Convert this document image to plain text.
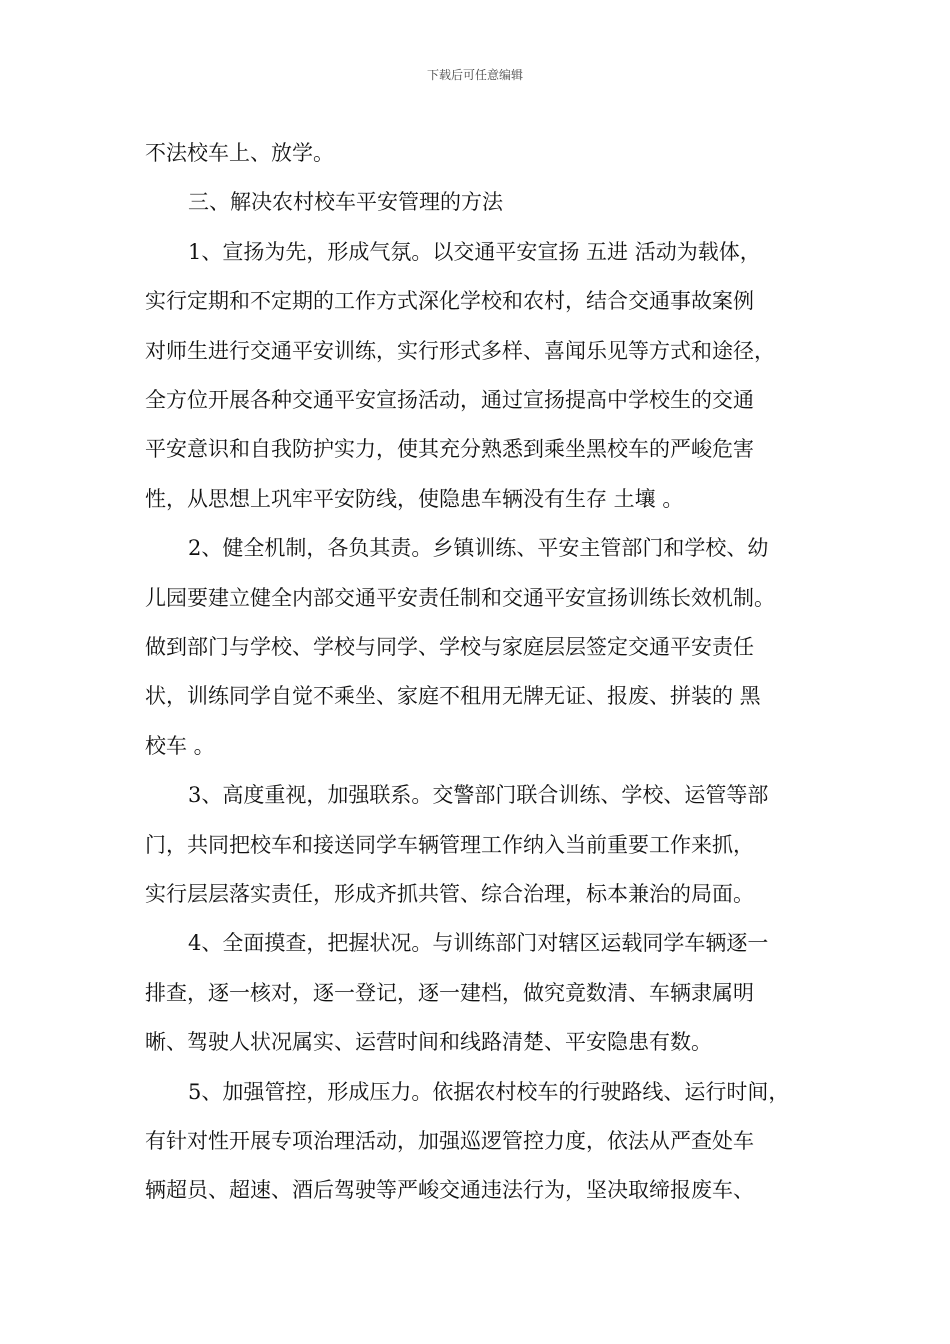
下载后可任意编辑
不法校车上、放学。
三、解决农村校车平安管理的方法
1、宣扬为先，形成气氛。以交通平安宣扬 五进 活动为载体，
实行定期和不定期的工作方式深化学校和农村，结合交通事故案例
对师生进行交通平安训练，实行形式多样、喜闻乐见等方式和途径，
全方位开展各种交通平安宣扬活动，通过宣扬提高中学校生的交通
平安意识和自我防护实力，使其充分熟悉到乘坐黑校车的严峻危害
性，从思想上巩牢平安防线，使隐患车辆没有生存 土壤 。
2、健全机制，各负其责。乡镇训练、平安主管部门和学校、幼
儿园要建立健全内部交通平安责任制和交通平安宣扬训练长效机制。
做到部门与学校、学校与同学、学校与家庭层层签定交通平安责任
状，训练同学自觉不乘坐、家庭不租用无牌无证、报废、拼装的 黑
校车 。
3、高度重视，加强联系。交警部门联合训练、学校、运管等部
门，共同把校车和接送同学车辆管理工作纳入当前重要工作来抓，
实行层层落实责任，形成齐抓共管、综合治理，标本兼治的局面。
4、全面摸查，把握状况。与训练部门对辖区运载同学车辆逐一
排查，逐一核对，逐一登记，逐一建档，做究竟数清、车辆隶属明
晰、驾驶人状况属实、运营时间和线路清楚、平安隐患有数。
5、加强管控，形成压力。依据农村校车的行驶路线、运行时间，
有针对性开展专项治理活动，加强巡逻管控力度，依法从严查处车
辆超员、超速、酒后驾驶等严峻交通违法行为，坚决取缔报废车、
